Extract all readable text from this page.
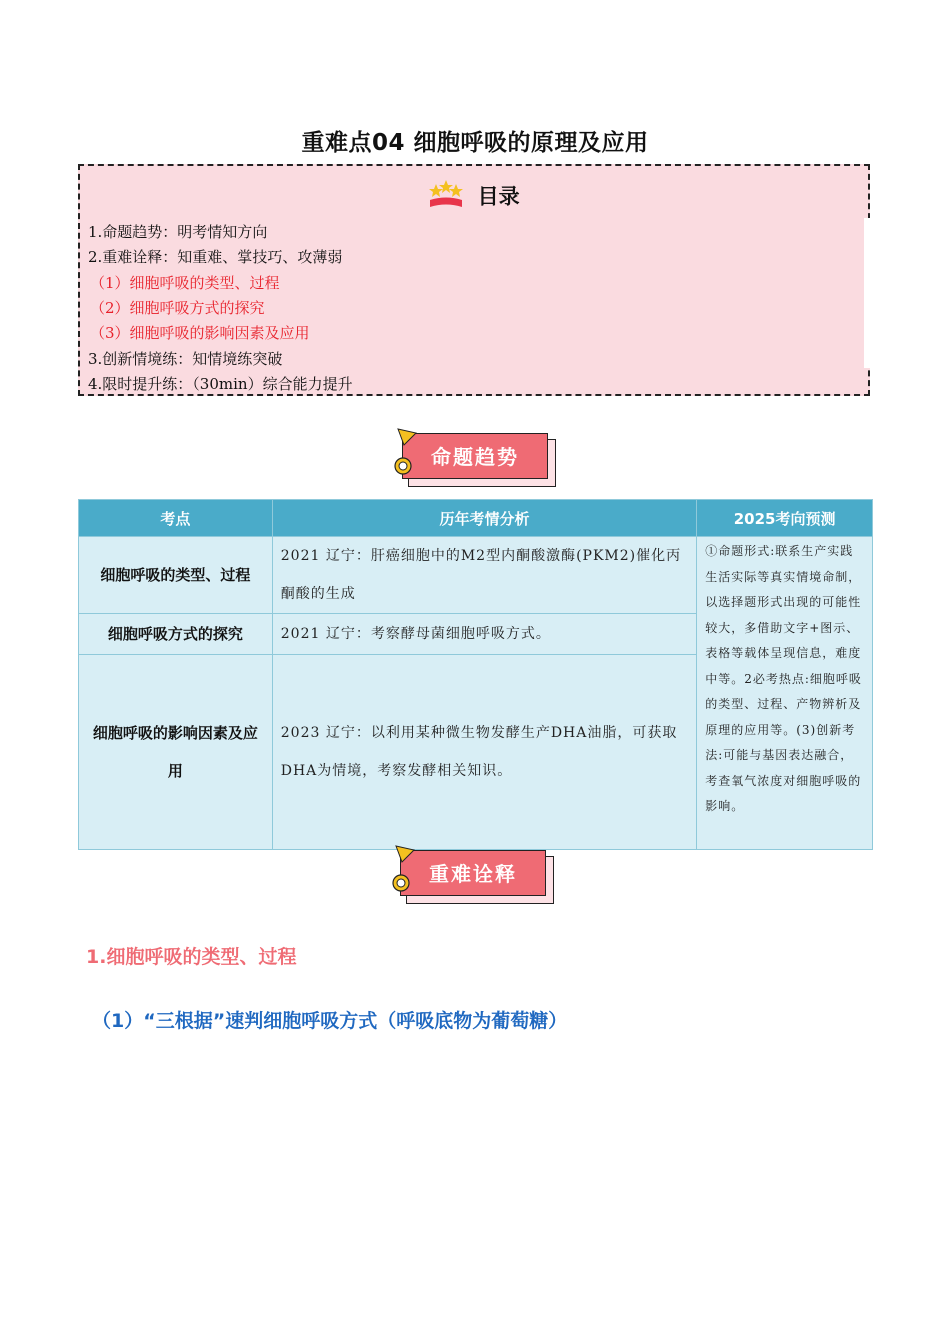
重难点04 细胞呼吸的原理及应用
目录
1.命题趋势：明考情知方向
2.重难诠释：知重难、掌技巧、攻薄弱
（1）细胞呼吸的类型、过程
（2）细胞呼吸方式的探究
（3）细胞呼吸的影响因素及应用
3.创新情境练：知情境练突破
4.限时提升练：（30min）综合能力提升
命题趋势
考点	历年考情分析	2025考向预测
细胞呼吸的类型、过程	2021 辽宁：肝癌细胞中的M2型内酮酸激酶(PKM2)催化丙酮酸的生成	①命题形式:联系生产实践生活实际等真实情境命制，以选择题形式出现的可能性较大，多借助文字+图示、表格等载体呈现信息，难度中等。2必考热点:细胞呼吸的类型、过程、产物辨析及原理的应用等。(3)创新考法:可能与基因表达融合，考查氧气浓度对细胞呼吸的影响。
细胞呼吸方式的探究	2021 辽宁：考察酵母菌细胞呼吸方式。	
细胞呼吸的影响因素及应用	2023 辽宁：以利用某种微生物发酵生产DHA油脂，可获取DHA为情境，考察发酵相关知识。	
重难诠释
1.细胞呼吸的类型、过程
（1）“三根据”速判细胞呼吸方式（呼吸底物为葡萄糖）
